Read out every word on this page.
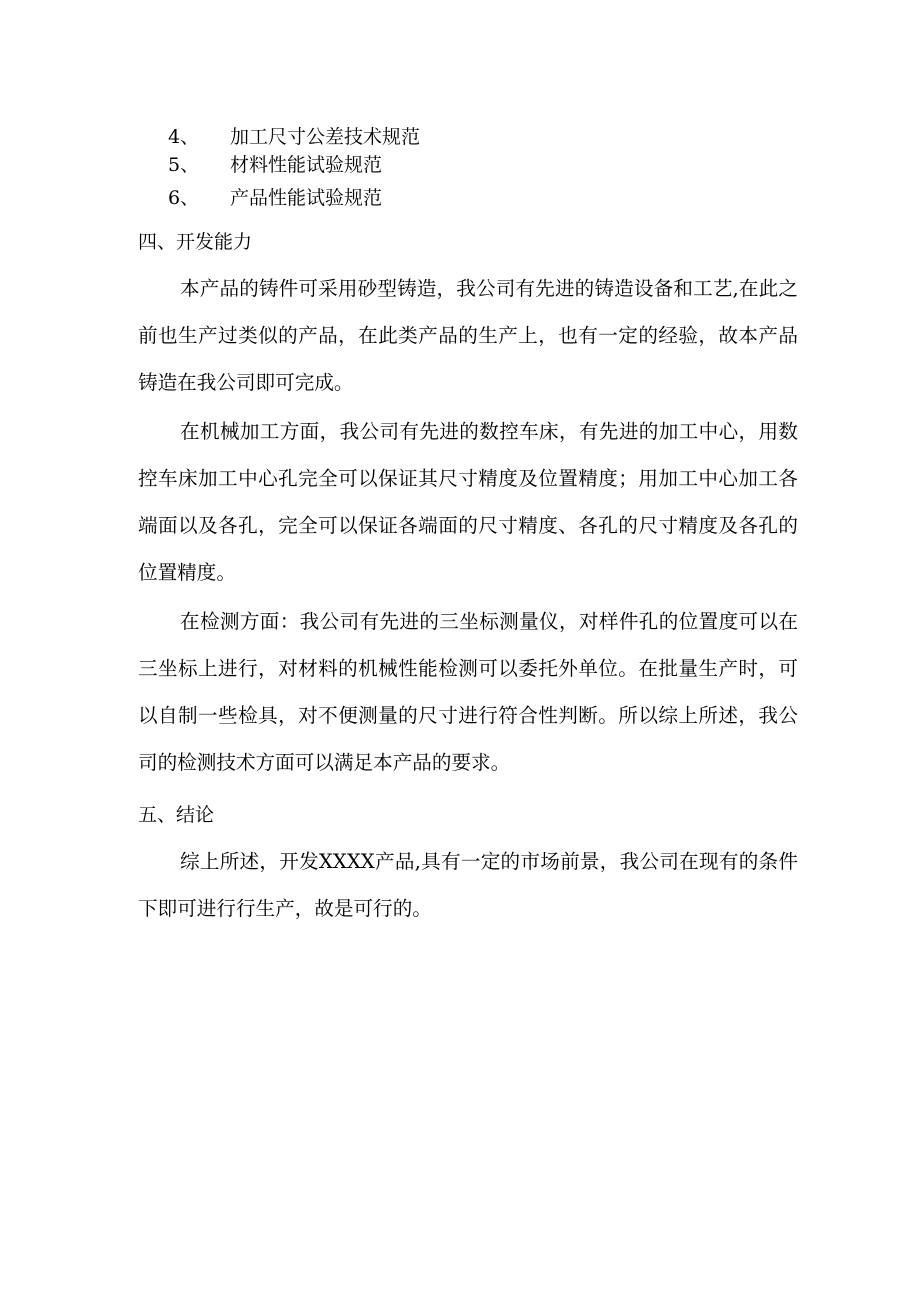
4、 加工尺寸公差技术规范
5、 材料性能试验规范
6、 产品性能试验规范
四、开发能力
本产品的铸件可采用砂型铸造，我公司有先进的铸造设备和工艺,在此之前也生产过类似的产品，在此类产品的生产上，也有一定的经验，故本产品铸造在我公司即可完成。
在机械加工方面，我公司有先进的数控车床，有先进的加工中心，用数控车床加工中心孔完全可以保证其尺寸精度及位置精度；用加工中心加工各端面以及各孔，完全可以保证各端面的尺寸精度、各孔的尺寸精度及各孔的位置精度。
在检测方面：我公司有先进的三坐标测量仪，对样件孔的位置度可以在三坐标上进行，对材料的机械性能检测可以委托外单位。在批量生产时，可以自制一些检具，对不便测量的尺寸进行符合性判断。所以综上所述，我公司的检测技术方面可以满足本产品的要求。
五、结论
综上所述，开发XXXX产品,具有一定的市场前景，我公司在现有的条件下即可进行行生产，故是可行的。
